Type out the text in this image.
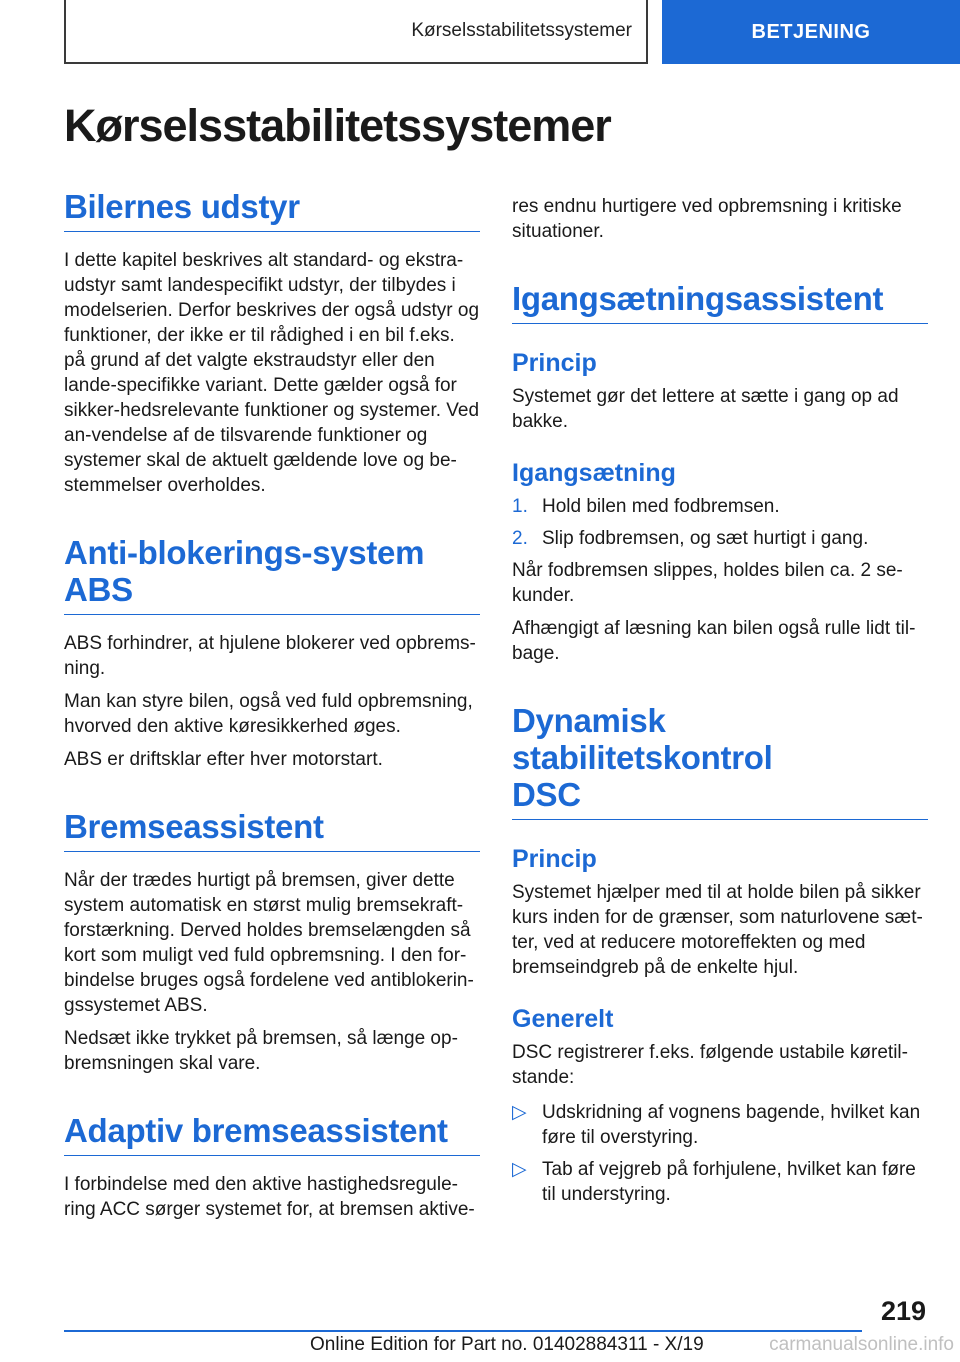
Kørselsstabilitetssystemer	BETJENING
Kørselsstabilitetssystemer
Bilernes udstyr

I dette kapitel beskrives alt standard- og ekstra-udstyr samt landespecifikt udstyr, der tilbydes i modelserien. Derfor beskrives der også udstyr og funktioner, der ikke er til rådighed i en bil f.eks. på grund af det valgte ekstraudstyr eller den lande-specifikke variant. Dette gælder også for sikker-hedsrelevante funktioner og systemer. Ved an-vendelse af de tilsvarende funktioner og systemer skal de aktuelt gældende love og be-stemmelser overholdes.

Anti-blokerings-system
ABS

ABS forhindrer, at hjulene blokerer ved opbrems-ning.

Man kan styre bilen, også ved fuld opbremsning, hvorved den aktive køresikkerhed øges.

ABS er driftsklar efter hver motorstart.

Bremseassistent

Når der trædes hurtigt på bremsen, giver dette system automatisk en størst mulig bremsekraft-forstærkning. Derved holdes bremselængden så kort som muligt ved fuld opbremsning. I den for-bindelse bruges også fordelene ved antiblokerin-gssystemet ABS.

Nedsæt ikke trykket på bremsen, så længe op-bremsningen skal vare.

Adaptiv bremseassistent

I forbindelse med den aktive hastighedsregule-ring ACC sørger systemet for, at bremsen aktive-

res endnu hurtigere ved opbremsning i kritiske situationer.

Igangsætningsassistent
Princip

Systemet gør det lettere at sætte i gang op ad bakke.

Igangsætning
1. Hold bilen med fodbremsen.
2. Slip fodbremsen, og sæt hurtigt i gang.

Når fodbremsen slippes, holdes bilen ca. 2 se-kunder.

Afhængigt af læsning kan bilen også rulle lidt til-bage.

Dynamisk stabilitetskontrol
DSC
Princip

Systemet hjælper med til at holde bilen på sikker kurs inden for de grænser, som naturlovene sæt-ter, ved at reducere motoreffekten og med bremseindgreb på de enkelte hjul.

Generelt

DSC registrerer f.eks. følgende ustabile køretil-stande:

▷ Udskridning af vognens bagende, hvilket kan føre til overstyring.
▷ Tab af vejgreb på forhjulene, hvilket kan føre til understyring.
219
Online Edition for Part no. 01402884311 - X/19	carmanualsonline.info
